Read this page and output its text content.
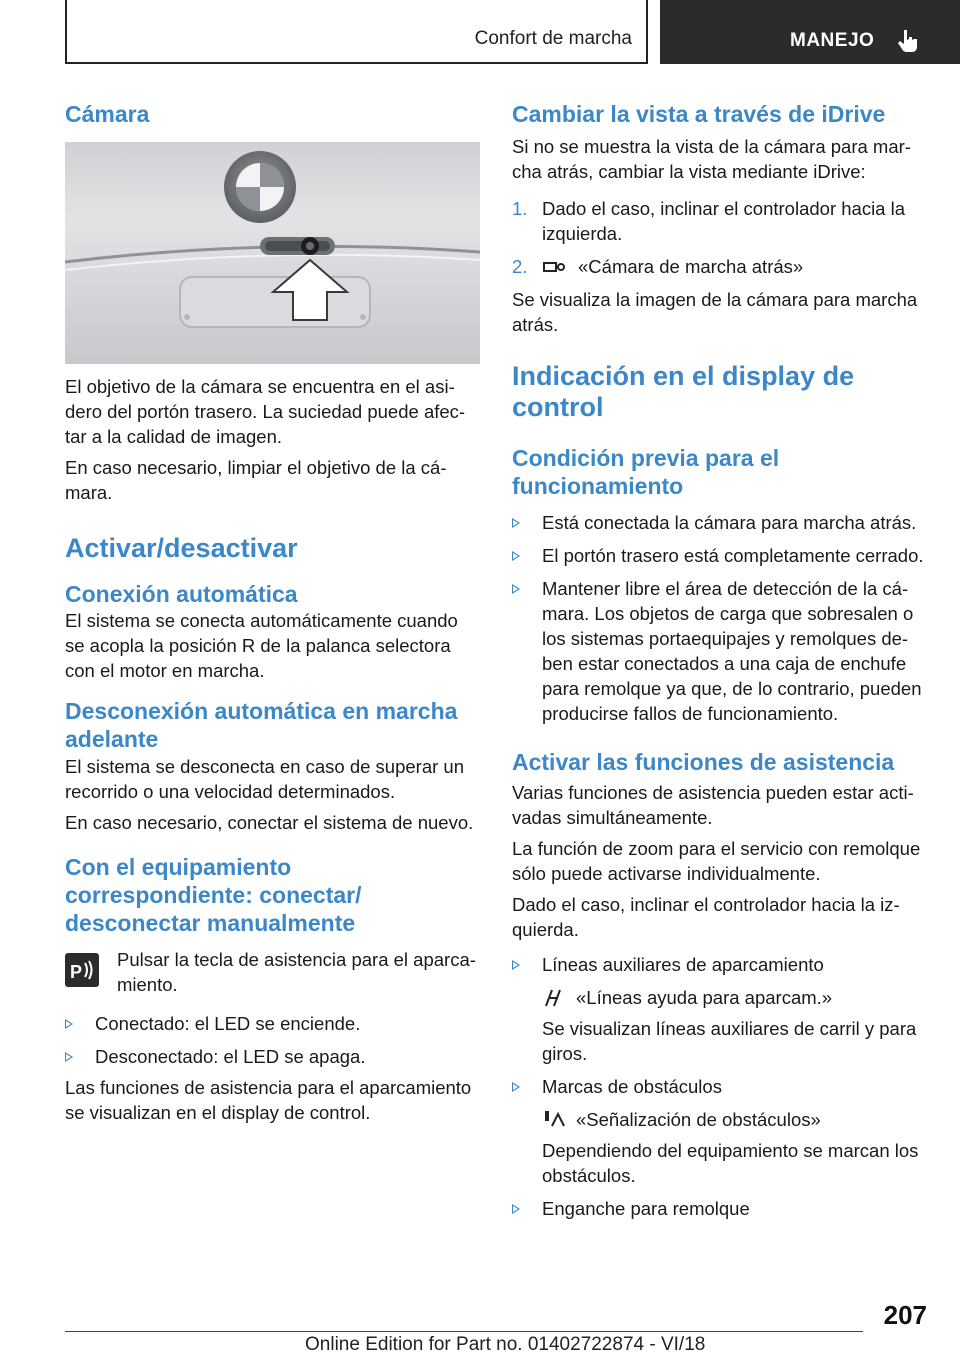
Confort de marcha	MANEJO
Cámara

El objetivo de la cámara se encuentra en el asidero del portón trasero. La suciedad puede afectar a la calidad de imagen.

En caso necesario, limpiar el objetivo de la cámara.

Activar/desactivar
Conexión automática

El sistema se conecta automáticamente cuando se acopla la posición R de la palanca selectora con el motor en marcha.

Desconexión automática en marcha adelante

El sistema se desconecta en caso de superar un recorrido o una velocidad determinados.

En caso necesario, conectar el sistema de nuevo.

Con el equipamiento correspondiente: conectar/ desconectar manualmente
P

Pulsar la tecla de asistencia para el aparcamiento.

Conectado: el LED se enciende.
Desconectado: el LED se apaga.

Las funciones de asistencia para el aparcamiento se visualizan en el display de control.

Cambiar la vista a través de iDrive

Si no se muestra la vista de la cámara para marcha atrás, cambiar la vista mediante iDrive:

1. Dado el caso, inclinar el controlador hacia la izquierda.
2.	«Cámara de marcha atrás»

Se visualiza la imagen de la cámara para marcha atrás.

Indicación en el display de control
Condición previa para el funcionamiento
Está conectada la cámara para marcha atrás.
El portón trasero está completamente cerrado.
Mantener libre el área de detección de la cámara. Los objetos de carga que sobresalen o los sistemas portaequipajes y remolques deben estar conectados a una caja de enchufe para remolque ya que, de lo contrario, pueden producirse fallos de funcionamiento.
Activar las funciones de asistencia

Varias funciones de asistencia pueden estar activadas simultáneamente.

La función de zoom para el servicio con remolque sólo puede activarse individualmente.

Dado el caso, inclinar el controlador hacia la izquierda.

Líneas auxiliares de aparcamiento
«Líneas ayuda para aparcam.»
Se visualizan líneas auxiliares de carril y para giros.
Marcas de obstáculos
«Señalización de obstáculos»
Dependiendo del equipamiento se marcan los obstáculos.
Enganche para remolque
207
Online Edition for Part no. 01402722874 - VI/18
